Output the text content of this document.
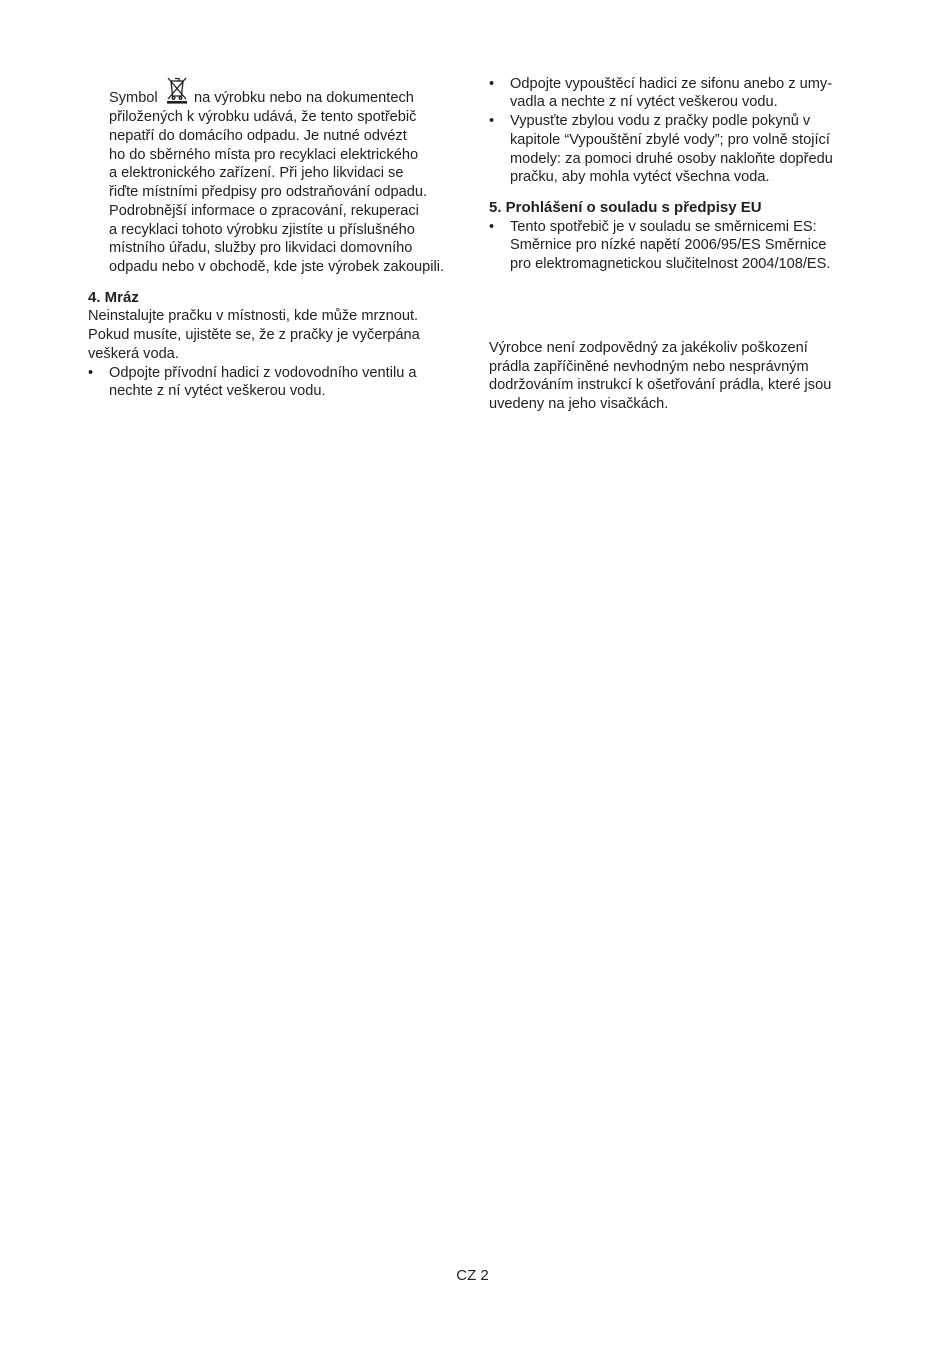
Symbol na výrobku nebo na dokumentech
přiložených k výrobku udává, že tento spotřebič
nepatří do domácího odpadu. Je nutné odvézt
ho do sběrného místa pro recyklaci elektrického
a elektronického zařízení. Při jeho likvidaci se
řiďte místními předpisy pro odstraňování odpadu.
Podrobnější informace o zpracování, rekuperaci
a recyklaci tohoto výrobku zjistíte u příslušného
místního úřadu, služby pro likvidaci domovního
odpadu nebo v obchodě, kde jste výrobek zakoupili.
4. Mráz
Neinstalujte pračku v místnosti, kde může mrznout.
Pokud musíte, ujistěte se, že z pračky je vyčerpána
veškerá voda.
• Odpojte přívodní hadici z vodovodního ventilu a
nechte z ní vytéct veškerou vodu.
• Odpojte vypouštěcí hadici ze sifonu anebo z umy-
vadla a nechte z ní vytéct veškerou vodu.
• Vypusťte zbylou vodu z pračky podle pokynů v
kapitole “Vypouštění zbylé vody”; pro volně stojící
modely: za pomoci druhé osoby nakloňte dopředu
pračku, aby mohla vytéct všechna voda.
5. Prohlášení o souladu s předpisy EU
• Tento spotřebič je v souladu se směrnicemi ES:
Směrnice pro nízké napětí 2006/95/ES Směrnice
pro elektromagnetickou slučitelnost 2004/108/ES.
Výrobce není zodpovědný za jakékoliv poškození
prádla zapříčiněné nevhodným nebo nesprávným
dodržováním instrukcí k ošetřování prádla, které jsou
uvedeny na jeho visačkách.
CZ 2
